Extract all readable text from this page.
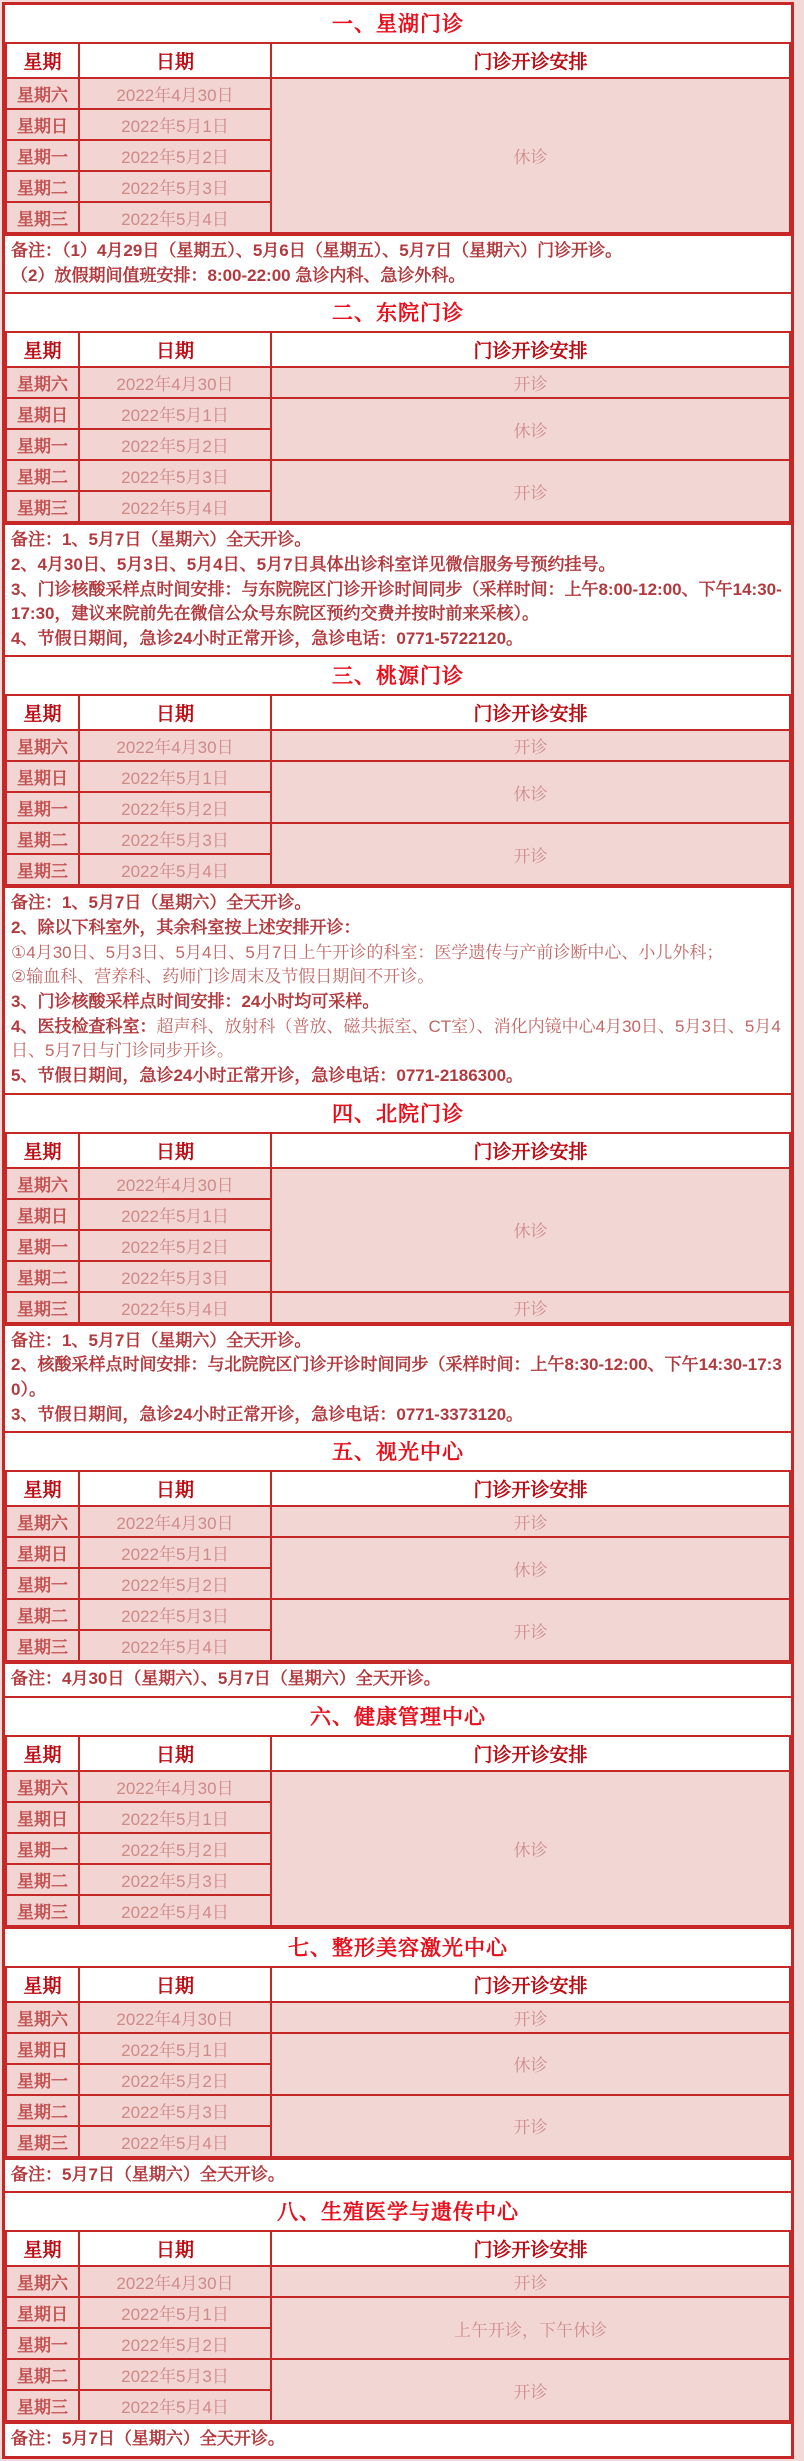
一、星湖门诊
星期	日期	门诊开诊安排
星期六	2022年4月30日	休诊
星期日	2022年5月1日	
星期一	2022年5月2日	
星期二	2022年5月3日	
星期三	2022年5月4日	

备注：（1）4月29日（星期五）、5月6日（星期五）、5月7日（星期六）门诊开诊。

（2）放假期间值班安排：8:00-22:00 急诊内科、急诊外科。

二、东院门诊
星期	日期	门诊开诊安排
星期六	2022年4月30日	开诊
星期日	2022年5月1日	休诊
星期一	2022年5月2日	
星期二	2022年5月3日	开诊
星期三	2022年5月4日	

备注：1、5月7日（星期六）全天开诊。

2、4月30日、5月3日、5月4日、5月7日具体出诊科室详见微信服务号预约挂号。

3、门诊核酸采样点时间安排：与东院院区门诊开诊时间同步（采样时间：上午8:00-12:00、下午14:30-17:30，建议来院前先在微信公众号东院区预约交费并按时前来采核）。

4、节假日期间，急诊24小时正常开诊，急诊电话：0771-5722120。

三、桃源门诊
星期	日期	门诊开诊安排
星期六	2022年4月30日	开诊
星期日	2022年5月1日	休诊
星期一	2022年5月2日	
星期二	2022年5月3日	开诊
星期三	2022年5月4日	

备注：1、5月7日（星期六）全天开诊。

2、除以下科室外，其余科室按上述安排开诊：

①4月30日、5月3日、5月4日、5月7日上午开诊的科室：医学遗传与产前诊断中心、小儿外科；

②输血科、营养科、药师门诊周末及节假日期间不开诊。

3、门诊核酸采样点时间安排：24小时均可采样。

4、医技检查科室：超声科、放射科（普放、磁共振室、CT室）、消化内镜中心4月30日、5月3日、5月4日、5月7日与门诊同步开诊。

5、节假日期间，急诊24小时正常开诊，急诊电话：0771-2186300。

四、北院门诊
星期	日期	门诊开诊安排
星期六	2022年4月30日	休诊
星期日	2022年5月1日	
星期一	2022年5月2日	
星期二	2022年5月3日	
星期三	2022年5月4日	开诊

备注：1、5月7日（星期六）全天开诊。

2、核酸采样点时间安排：与北院院区门诊开诊时间同步（采样时间：上午8:30-12:00、下午14:30-17:30）。

3、节假日期间，急诊24小时正常开诊，急诊电话：0771-3373120。

五、视光中心
星期	日期	门诊开诊安排
星期六	2022年4月30日	开诊
星期日	2022年5月1日	休诊
星期一	2022年5月2日	
星期二	2022年5月3日	开诊
星期三	2022年5月4日	

备注：4月30日（星期六）、5月7日（星期六）全天开诊。

六、健康管理中心
星期	日期	门诊开诊安排
星期六	2022年4月30日	休诊
星期日	2022年5月1日	
星期一	2022年5月2日	
星期二	2022年5月3日	
星期三	2022年5月4日	
七、整形美容激光中心
星期	日期	门诊开诊安排
星期六	2022年4月30日	开诊
星期日	2022年5月1日	休诊
星期一	2022年5月2日	
星期二	2022年5月3日	开诊
星期三	2022年5月4日	

备注：5月7日（星期六）全天开诊。

八、生殖医学与遗传中心
星期	日期	门诊开诊安排
星期六	2022年4月30日	开诊
星期日	2022年5月1日	上午开诊，下午休诊
星期一	2022年5月2日	
星期二	2022年5月3日	开诊
星期三	2022年5月4日	

备注：5月7日（星期六）全天开诊。
